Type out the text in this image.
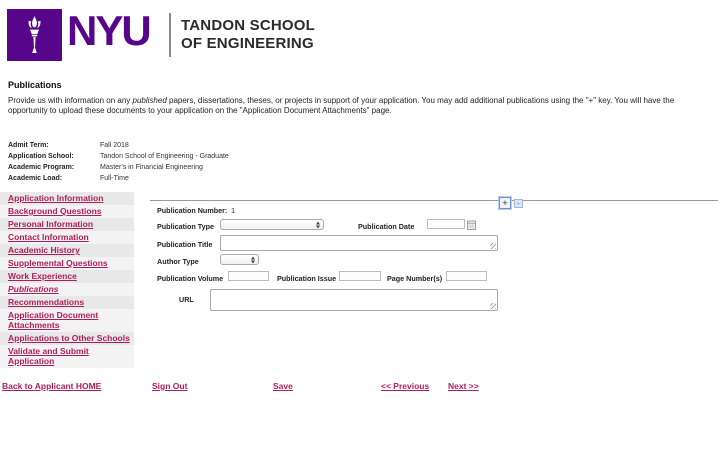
NYU TANDON SCHOOL
OF ENGINEERING
Publications
Provide us with information on any published papers, dissertations, theses, or projects in support of your application. You may add additional publications using the "+" key. You will have the opportunity to upload these documents to your application on the "Application Document Attachments" page.
Admit Term:	Fall 2018
Application School:	Tandon School of Engineering - Graduate
Academic Program:	Master's in Financial Engineering
Academic Load:	Full-Time
Application Information
Background Questions
Personal Information
Contact Information
Academic History
Supplemental Questions
Work Experience
Publications
Recommendations
Application Document Attachments
Applications to Other Schools
Validate and Submit Application
+	-
Publication Number: 1
Publication Type	Publication Date
Publication Title
Author Type
Publication Volume	Publication Issue	Page Number(s)
URL
Back to Applicant HOME	Sign Out	Save	<< Previous Next >>
